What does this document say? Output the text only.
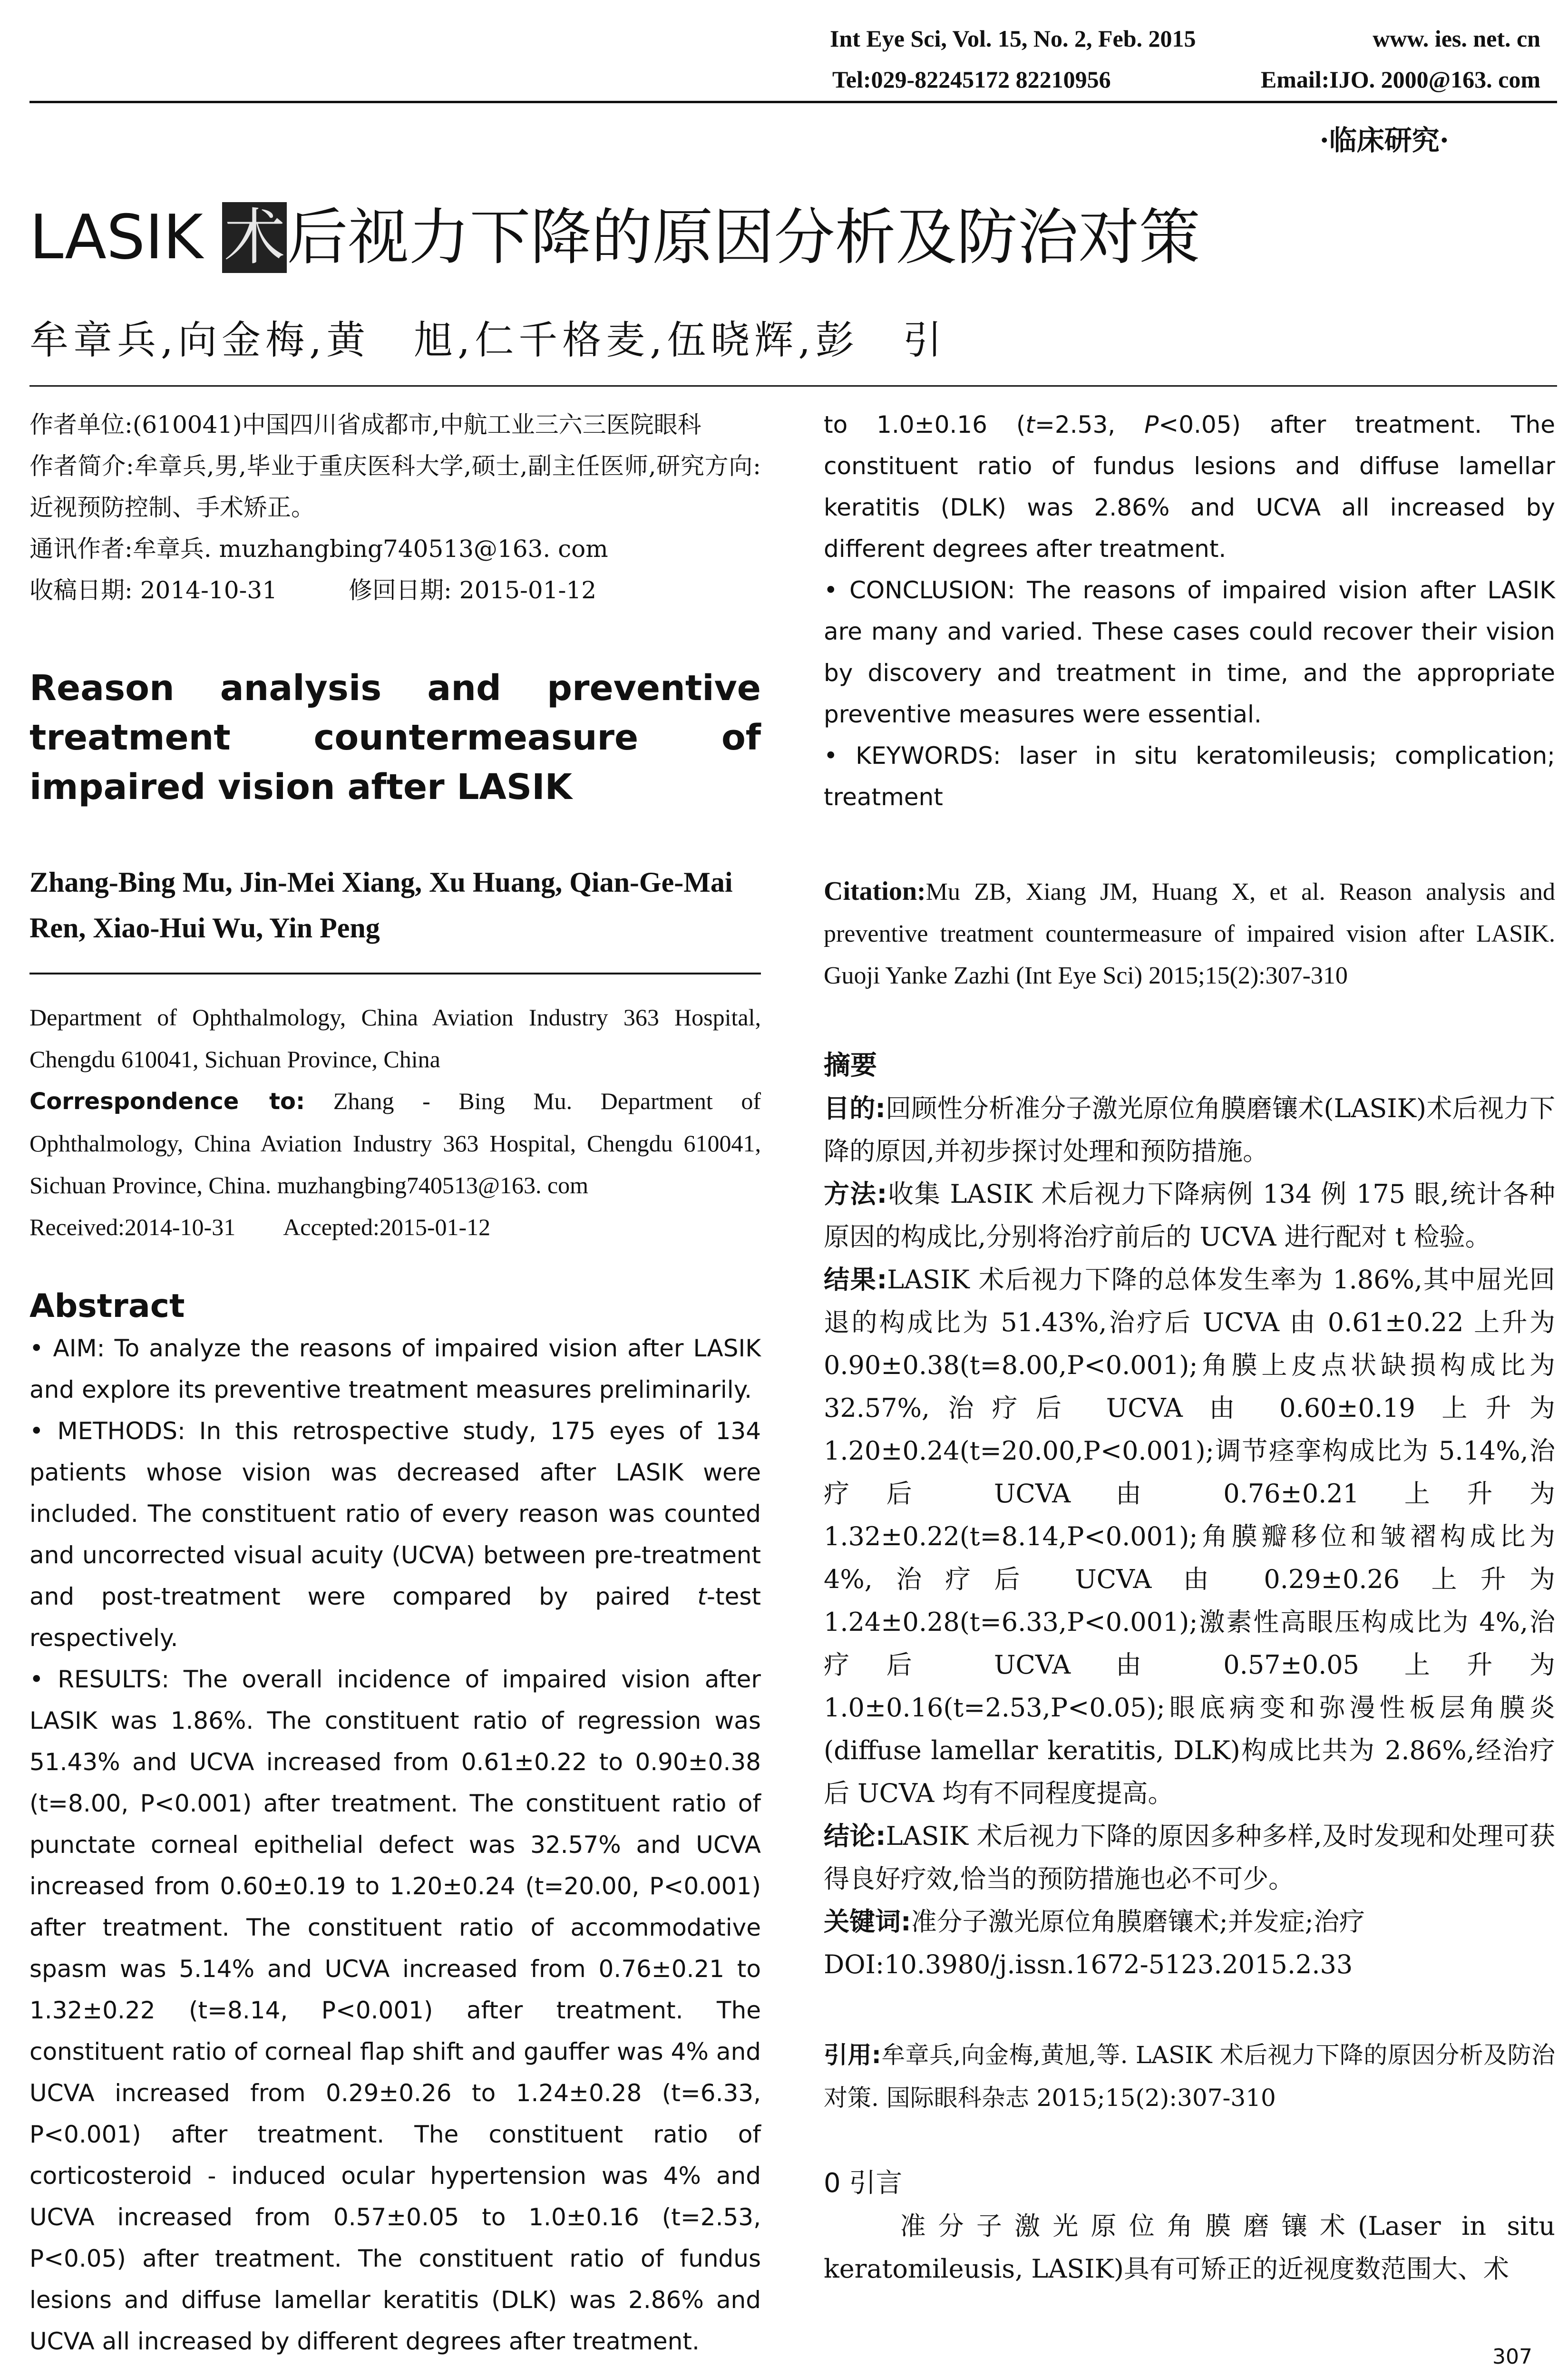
Int Eye Sci, Vol. 15, No. 2, Feb. 2015	www. ies. net. cn
Tel:029-82245172 82210956	Email:IJO. 2000@163. com
·临床研究·
LASIK 术后视力下降的原因分析及防治对策
牟章兵,向金梅,黄　旭,仁千格麦,伍晓辉,彭　引

作者单位:(610041)中国四川省成都市,中航工业三六三医院眼科

作者简介:牟章兵,男,毕业于重庆医科大学,硕士,副主任医师,研究方向:近视预防控制、手术矫正。

通讯作者:牟章兵. muzhangbing740513@163. com

收稿日期: 2014-10-31　　　修回日期: 2015-01-12

Reason analysis and preventive treatment countermeasure of impaired vision after LASIK
Zhang-Bing Mu, Jin-Mei Xiang, Xu Huang, Qian-Ge-Mai Ren, Xiao-Hui Wu, Yin Peng

Department of Ophthalmology, China Aviation Industry 363 Hospital, Chengdu 610041, Sichuan Province, China

Correspondence to: Zhang - Bing Mu. Department of Ophthalmology, China Aviation Industry 363 Hospital, Chengdu 610041, Sichuan Province, China. muzhangbing740513@163. com

Received:2014-10-31　　Accepted:2015-01-12

Abstract

• AIM: To analyze the reasons of impaired vision after LASIK and explore its preventive treatment measures preliminarily.

• METHODS: In this retrospective study, 175 eyes of 134 patients whose vision was decreased after LASIK were included. The constituent ratio of every reason was counted and uncorrected visual acuity (UCVA) between pre-treatment and post-treatment were compared by paired t-test respectively.

• RESULTS: The overall incidence of impaired vision after LASIK was 1.86%. The constituent ratio of regression was 51.43% and UCVA increased from 0.61±0.22 to 0.90±0.38 (t=8.00, P<0.001) after treatment. The constituent ratio of punctate corneal epithelial defect was 32.57% and UCVA increased from 0.60±0.19 to 1.20±0.24 (t=20.00, P<0.001) after treatment. The constituent ratio of accommodative spasm was 5.14% and UCVA increased from 0.76±0.21 to 1.32±0.22 (t=8.14, P<0.001) after treatment. The constituent ratio of corneal flap shift and gauffer was 4% and UCVA increased from 0.29±0.26 to 1.24±0.28 (t=6.33, P<0.001) after treatment. The constituent ratio of corticosteroid - induced ocular hypertension was 4% and UCVA increased from 0.57±0.05 to 1.0±0.16 (t=2.53, P<0.05) after treatment. The constituent ratio of fundus lesions and diffuse lamellar keratitis (DLK) was 2.86% and UCVA all increased by different degrees after treatment.

to 1.0±0.16 (t=2.53, P<0.05) after treatment. The constituent ratio of fundus lesions and diffuse lamellar keratitis (DLK) was 2.86% and UCVA all increased by different degrees after treatment.

• CONCLUSION: The reasons of impaired vision after LASIK are many and varied. These cases could recover their vision by discovery and treatment in time, and the appropriate preventive measures were essential.

• KEYWORDS: laser in situ keratomileusis; complication; treatment

Citation:Mu ZB, Xiang JM, Huang X, et al. Reason analysis and preventive treatment countermeasure of impaired vision after LASIK. Guoji Yanke Zazhi (Int Eye Sci) 2015;15(2):307-310
摘要

目的:回顾性分析准分子激光原位角膜磨镶术(LASIK)术后视力下降的原因,并初步探讨处理和预防措施。

方法:收集 LASIK 术后视力下降病例 134 例 175 眼,统计各种原因的构成比,分别将治疗前后的 UCVA 进行配对 t 检验。

结果:LASIK 术后视力下降的总体发生率为 1.86%,其中屈光回退的构成比为 51.43%,治疗后 UCVA 由 0.61±0.22 上升为 0.90±0.38(t=8.00,P<0.001);角膜上皮点状缺损构成比为 32.57%,治疗后 UCVA 由 0.60±0.19 上升为 1.20±0.24(t=20.00,P<0.001);调节痉挛构成比为 5.14%,治疗后 UCVA 由 0.76±0.21 上升为 1.32±0.22(t=8.14,P<0.001);角膜瓣移位和皱褶构成比为 4%,治疗后 UCVA 由 0.29±0.26 上升为 1.24±0.28(t=6.33,P<0.001);激素性高眼压构成比为 4%,治疗后 UCVA 由 0.57±0.05 上升为 1.0±0.16(t=2.53,P<0.05);眼底病变和弥漫性板层角膜炎(diffuse lamellar keratitis, DLK)构成比共为 2.86%,经治疗后 UCVA 均有不同程度提高。

结论:LASIK 术后视力下降的原因多种多样,及时发现和处理可获得良好疗效,恰当的预防措施也必不可少。

关键词:准分子激光原位角膜磨镶术;并发症;治疗

DOI:10.3980/j.issn.1672-5123.2015.2.33

引用:牟章兵,向金梅,黄旭,等. LASIK 术后视力下降的原因分析及防治对策. 国际眼科杂志 2015;15(2):307-310
0 引言
　　准分子激光原位角膜磨镶术(Laser in situ keratomileusis, LASIK)具有可矫正的近视度数范围大、术
307
